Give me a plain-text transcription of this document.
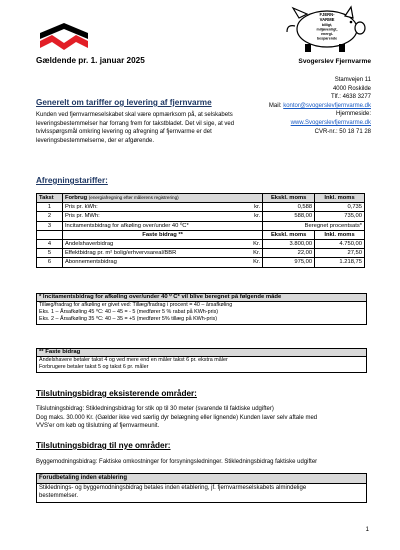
FJERN-
VARME
billigt,
miljøvenligt,
energi-
besparende
Gældende pr. 1. januar 2025	Svogerslev Fjernvarme
Stamvejen 11
4000 Roskilde
Tlf.: 4638 3277
Mail: kontor@svogerslevfjernvarme.dk
Hjemmeside:
www.Svogerslevfjernvarme.dk
CVR-nr.: 50 18 71 28
Generelt om tariffer og levering af fjernvarme
Kunden ved fjernvarmeselskabet skal være opmærksom på, at selskabets leveringsbestemmelser har forrang frem for takstbladet. Det vil sige, at ved tvivlsspørgsmål omkring levering og afregning af fjernvarme er det leveringsbestemmelserne, der er afgørende.
Afregningstariffer:
Takst	Forbrug (energiafregning efter målerens registrering)	Ekskl. moms	Inkl. moms
1	Pris pr. kWh: kr.	0,588	0,735
2	Pris pr. MWh: kr.	588,00	735,00
3	Incitamentsbidrag for afkøling over/under 40 ⁰C*	Beregnet procentsats*	
	Faste bidrag **	Ekskl. moms	Inkl. moms
4	Andelshaverbidrag Kr.	3.800,00	4.750,00
5	Effektbidrag pr. m² bolig/erhvervsareal/BBR Kr.	22,00	27,50
6	Abonnementsbidrag Kr.	975,00	1.218,75
* Incitamentsbidrag for afkøling over/under 40 ⁰ C* vil blive beregnet på følgende måde
Tillæg/fradrag for afkøling er givet ved: Tillæg/fradrag i procent = 40 – årsafkøling
Eks. 1 – Årsafkøling 45 ⁰C: 40 – 45 = - 5 (medfører 5 % rabat på KWh-pris)
Eks. 2 – Årsafkøling 35 ⁰C: 40 – 35 = +5 (medfører 5% tillæg på KWh-pris)
** Faste bidrag
Andelshavere betaler takst 4 og ved mere end en måler takst 6 pr. ekstra måler
Forbrugere betaler takst 5 og takst 6 pr. måler
Tilslutningsbidrag eksisterende områder:
Tilslutningsbidrag: Stikledningsbidrag for stik op til 30 meter (svarende til faktiske udgifter)
Dog maks. 30.000 Kr. (Gælder ikke ved særlig dyr belægning eller lignende) Kunden laver selv aftale med
VVS'er om køb og tilslutning af fjernvarmeunit.
Tilslutningsbidrag til nye områder:
Byggemodningsbidrag: Faktiske omkostninger for forsyningsledninger. Stikledningsbidrag faktiske udgifter
Forudbetaling inden etablering
Stiklednings- og byggemodningsbidrag betales inden etablering, jf. fjernvarmeselskabets almindelige
bestemmelser.
1
